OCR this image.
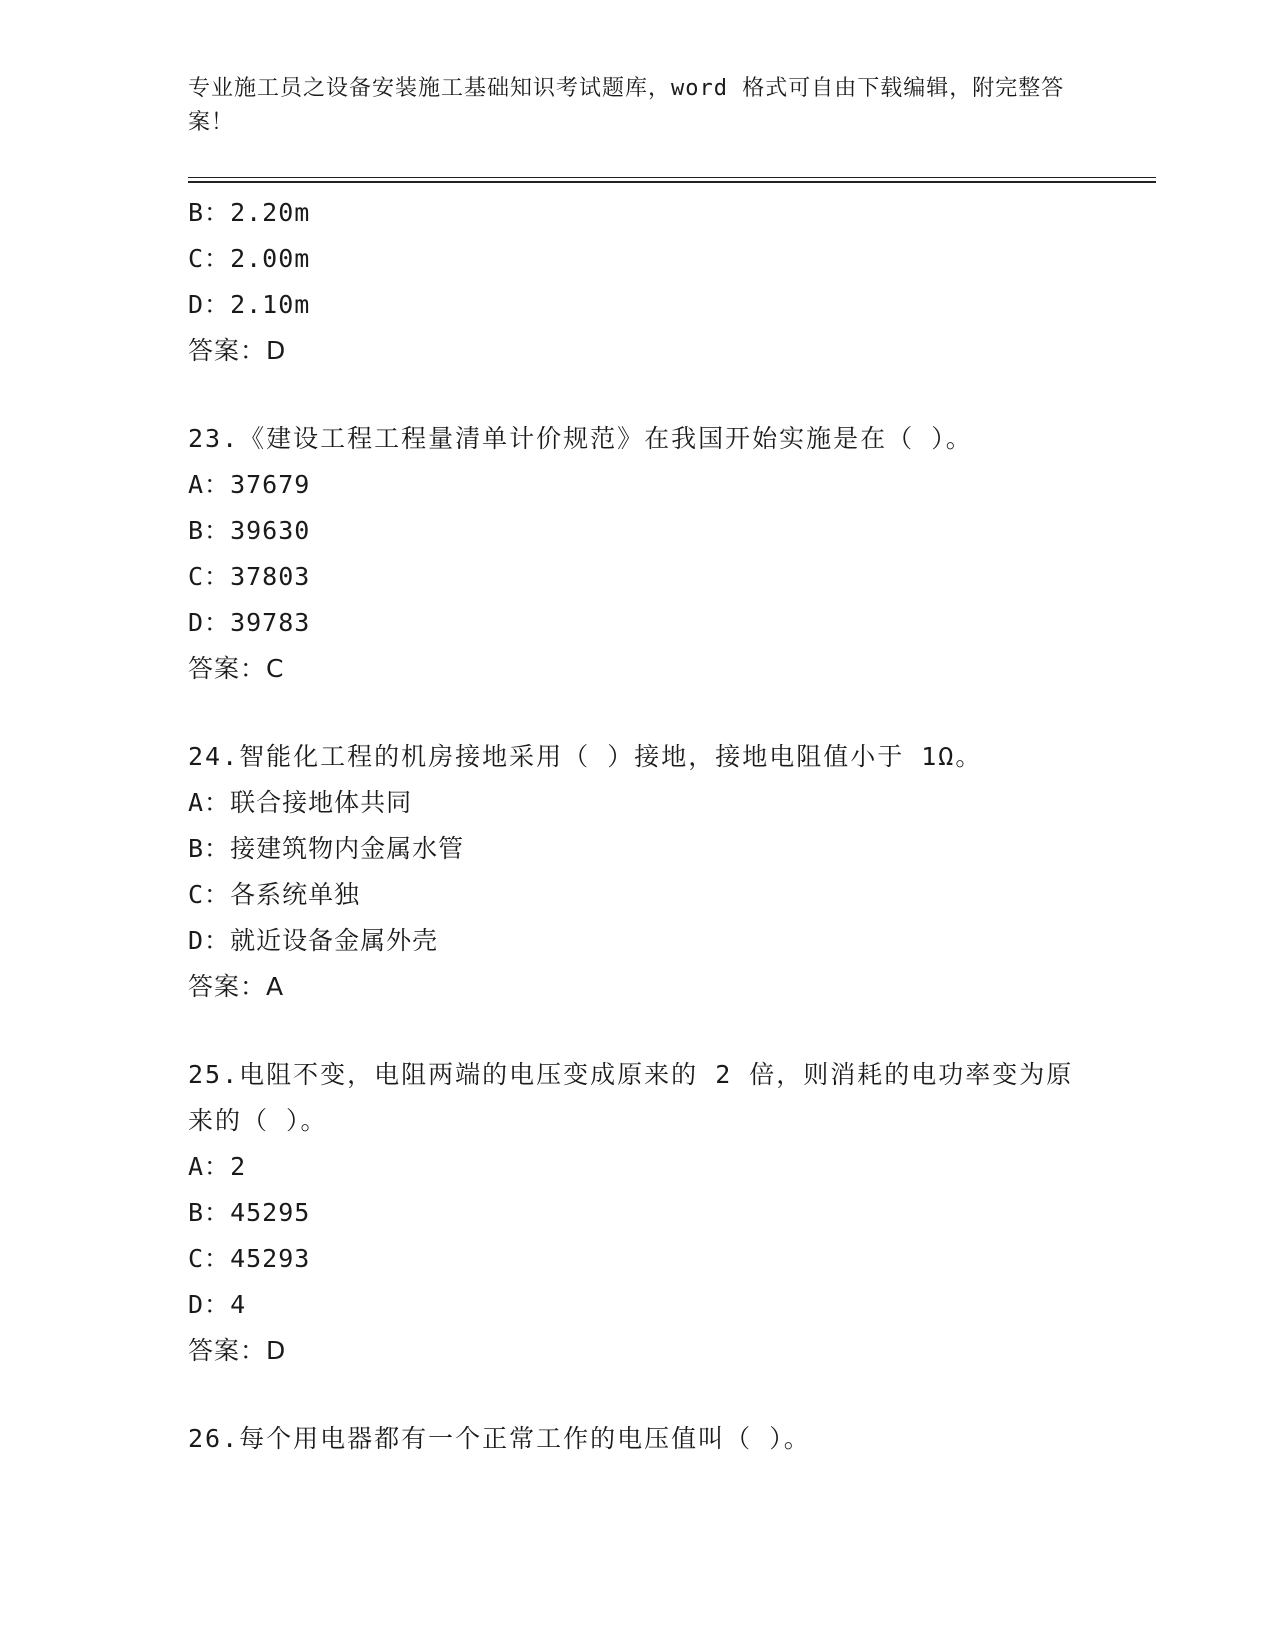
专业施工员之设备安装施工基础知识考试题库，word 格式可自由下载编辑，附完整答案！
B：2.20m
C：2.00m
D：2.10m
答案：D
23.《建设工程工程量清单计价规范》在我国开始实施是在（ ）。
A：37679
B：39630
C：37803
D：39783
答案：C
24.智能化工程的机房接地采用（ ）接地，接地电阻值小于 1Ω。
A：联合接地体共同
B：接建筑物内金属水管
C：各系统单独
D：就近设备金属外壳
答案：A
25.电阻不变，电阻两端的电压变成原来的 2 倍，则消耗的电功率变为原来的（ ）。
A：2
B：45295
C：45293
D：4
答案：D
26.每个用电器都有一个正常工作的电压值叫（ ）。
